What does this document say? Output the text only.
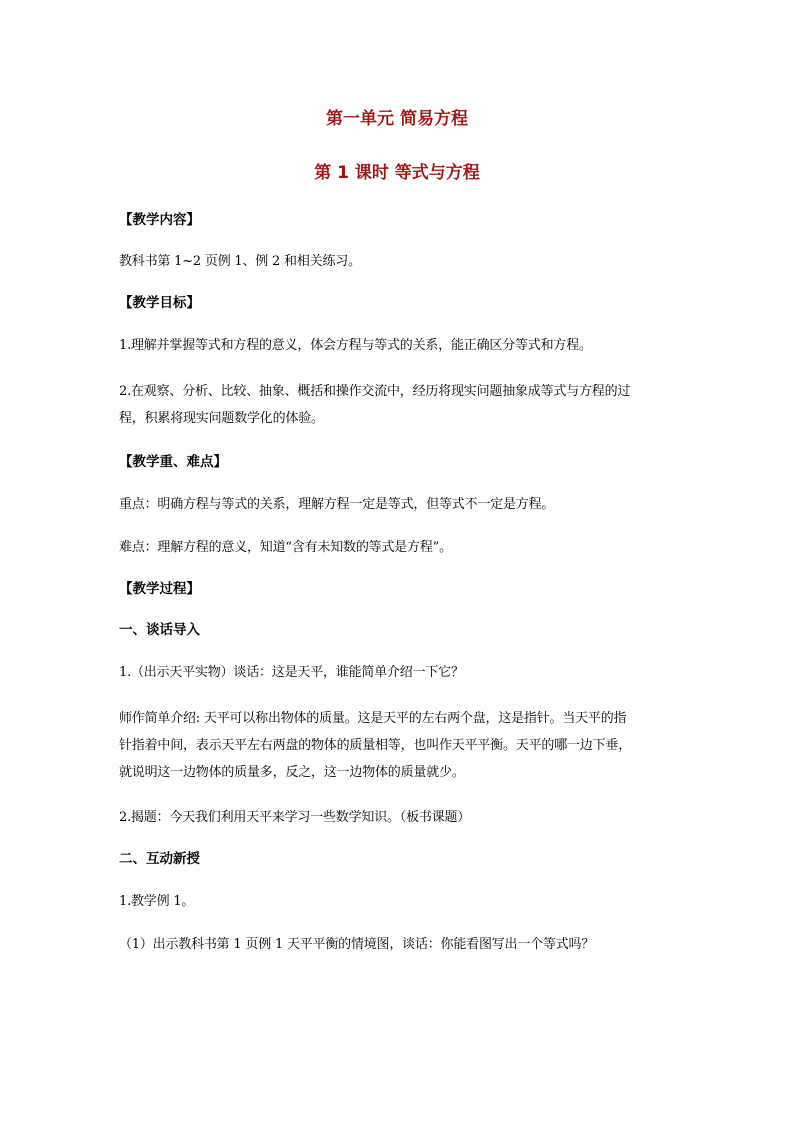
第一单元 简易方程
第 1 课时 等式与方程

【教学内容】

教科书第 1~2 页例 1、例 2 和相关练习。

【教学目标】

1.理解并掌握等式和方程的意义，体会方程与等式的关系，能正确区分等式和方程。

2.在观察、分析、比较、抽象、概括和操作交流中，经历将现实问题抽象成等式与方程的过
程，积累将现实问题数学化的体验。

【教学重、难点】

重点：明确方程与等式的关系，理解方程一定是等式，但等式不一定是方程。

难点：理解方程的意义，知道“含有未知数的等式是方程”。

【教学过程】

一、谈话导入

1.（出示天平实物）谈话：这是天平，谁能简单介绍一下它？

师作简单介绍: 天平可以称出物体的质量。这是天平的左右两个盘，这是指针。当天平的指
针指着中间，表示天平左右两盘的物体的质量相等，也叫作天平平衡。天平的哪一边下垂，
就说明这一边物体的质量多，反之，这一边物体的质量就少。

2.揭题：今天我们利用天平来学习一些数学知识。（板书课题）

二、互动新授

1.教学例 1。

（1）出示教科书第 1 页例 1 天平平衡的情境图，谈话：你能看图写出一个等式吗？
